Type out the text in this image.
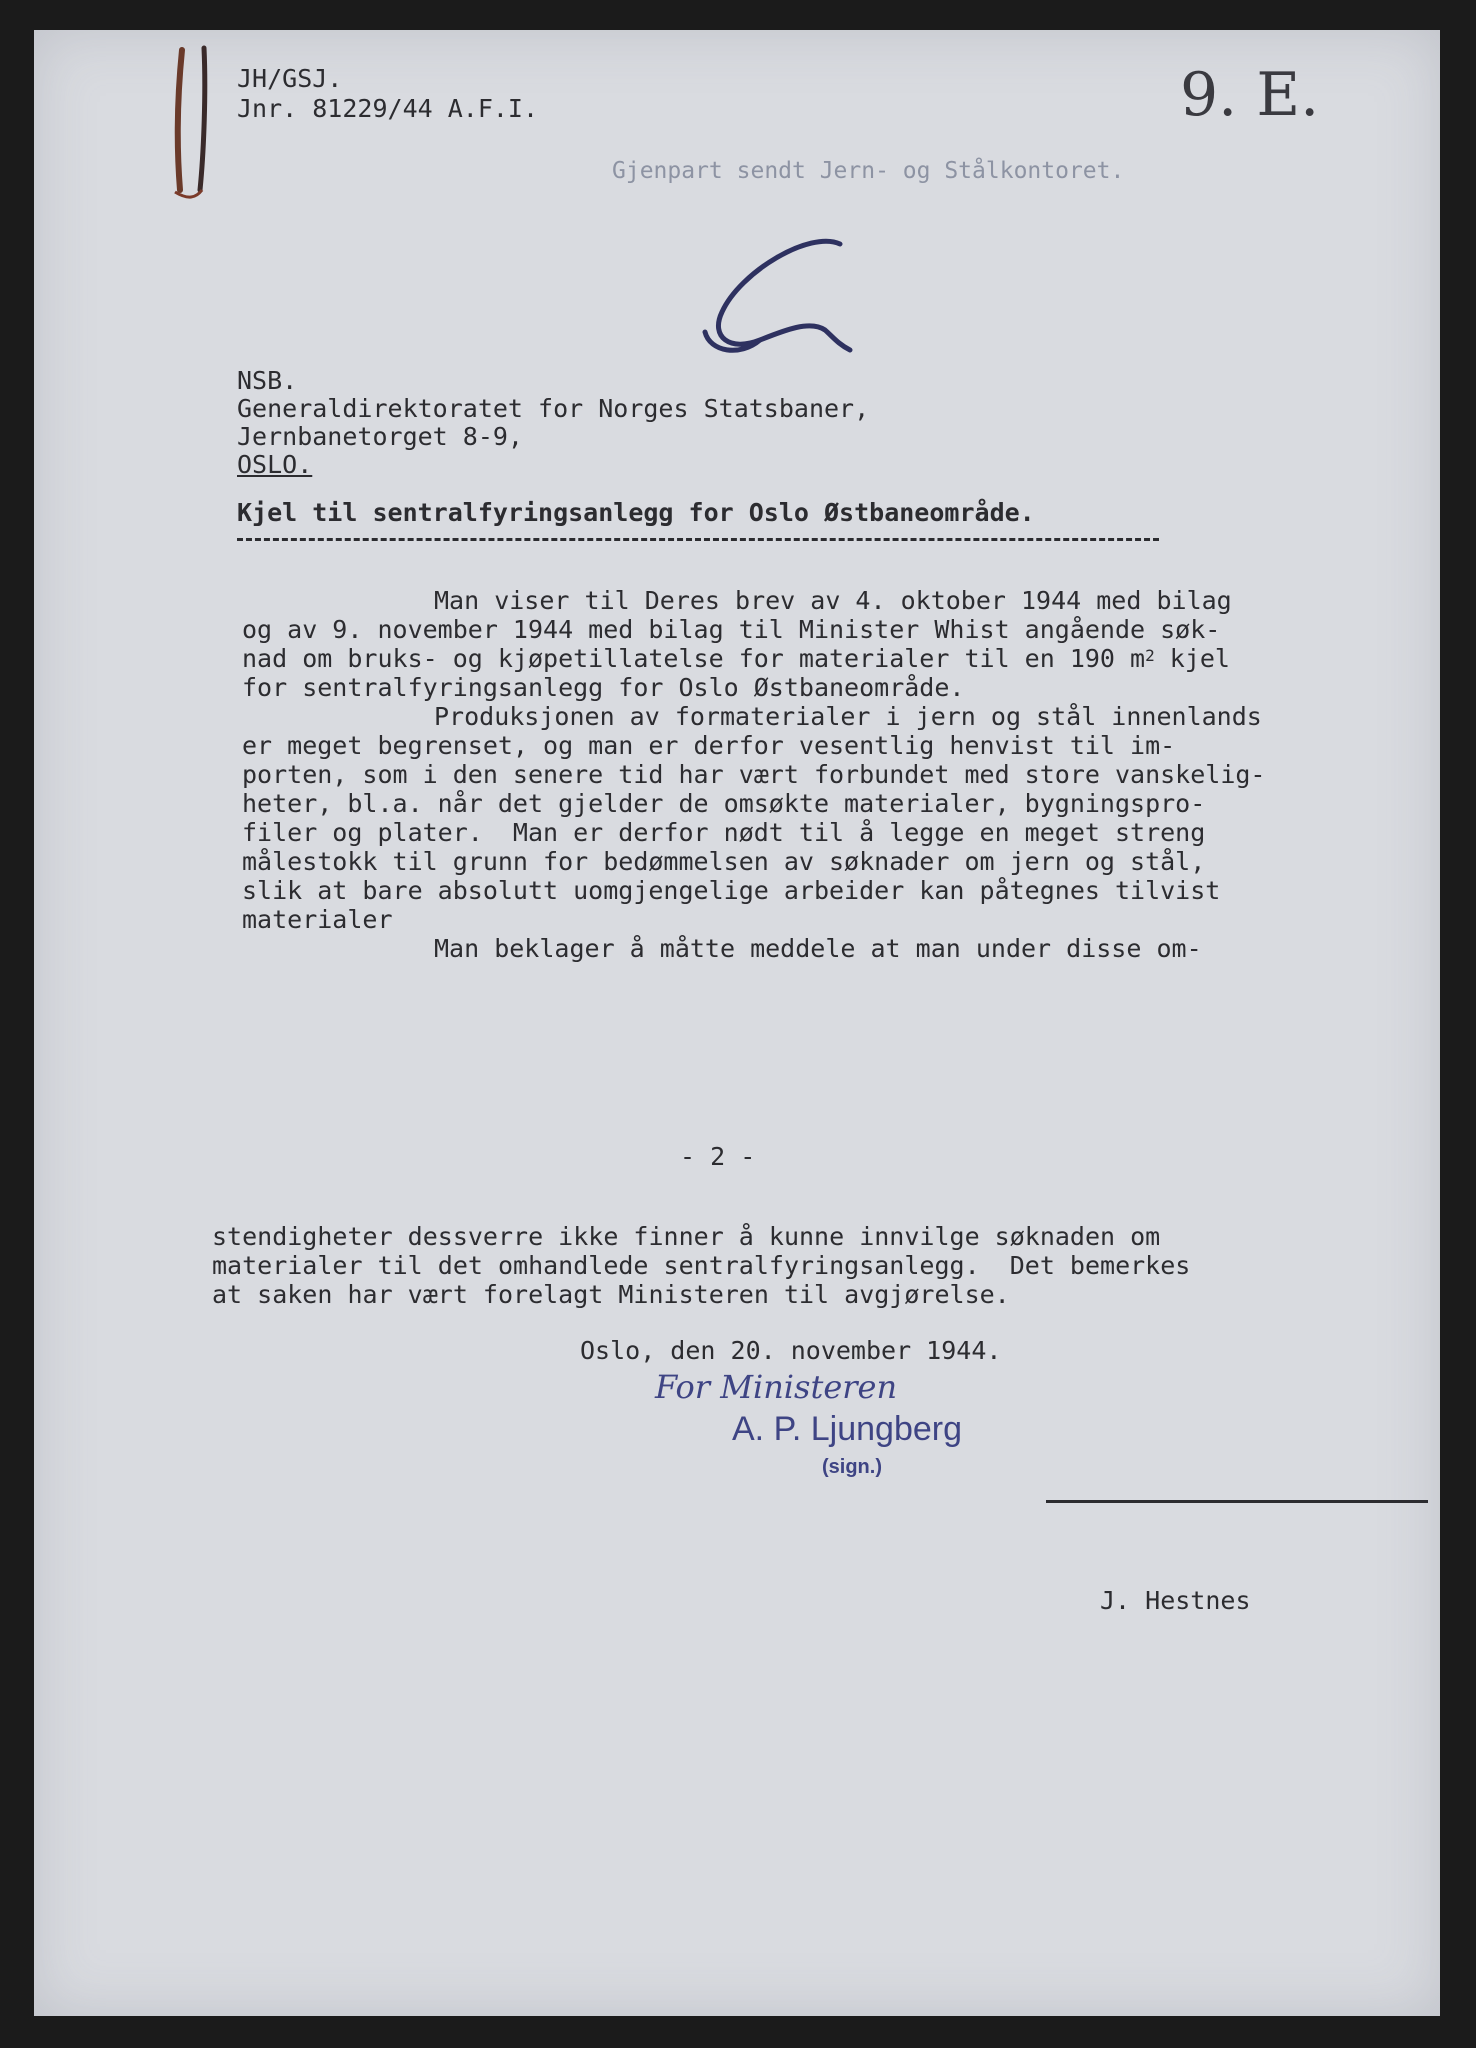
JH/GSJ.
Jnr. 81229/44 A.F.I.	9. E.
Gjenpart sendt Jern- og Stålkontoret.
NSB.
Generaldirektoratet for Norges Statsbaner,
Jernbanetorget 8-9,
OSLO.
Kjel til sentralfyringsanlegg for Oslo Østbaneområde.
Man viser til Deres brev av 4. oktober 1944 med bilag
og av 9. november 1944 med bilag til Minister Whist angående søk-
nad om bruks- og kjøpetillatelse for materialer til en 190 m2 kjel
for sentralfyringsanlegg for Oslo Østbaneområde.
Produksjonen av formaterialer i jern og stål innenlands
er meget begrenset, og man er derfor vesentlig henvist til im-
porten, som i den senere tid har vært forbundet med store vanskelig-
heter, bl.a. når det gjelder de omsøkte materialer, bygningspro-
filer og plater.  Man er derfor nødt til å legge en meget streng
målestokk til grunn for bedømmelsen av søknader om jern og stål,
slik at bare absolutt uomgjengelige arbeider kan påtegnes tilvist
materialer
Man beklager å måtte meddele at man under disse om-
- 2 -
stendigheter dessverre ikke finner å kunne innvilge søknaden om
materialer til det omhandlede sentralfyringsanlegg.  Det bemerkes
at saken har vært forelagt Ministeren til avgjørelse.
Oslo, den 20. november 1944.
For Ministeren
A. P. Ljungberg
(sign.)
J. Hestnes
